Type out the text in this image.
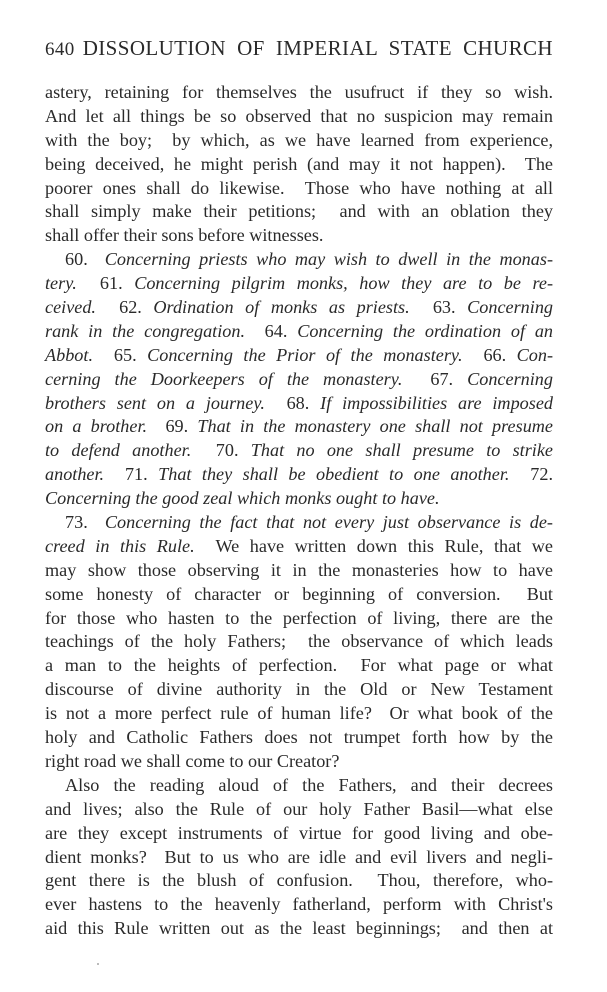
640 DISSOLUTION OF IMPERIAL STATE CHURCH
astery, retaining for themselves the usufruct if they so wish.
And let all things be so observed that no suspicion may remain
with the boy;  by which, as we have learned from experience,
being deceived, he might perish (and may it not happen).  The
poorer ones shall do likewise.  Those who have nothing at all
shall simply make their petitions;  and with an oblation they
shall offer their sons before witnesses.
60.  Concerning priests who may wish to dwell in the monas-
tery.  61. Concerning pilgrim monks, how they are to be re-
ceived.  62. Ordination of monks as priests.  63. Concerning
rank in the congregation.  64. Concerning the ordination of an
Abbot.  65. Concerning the Prior of the monastery.  66. Con-
cerning the Doorkeepers of the monastery.  67. Concerning
brothers sent on a journey.  68. If impossibilities are imposed
on a brother.  69. That in the monastery one shall not presume
to defend another.  70. That no one shall presume to strike
another.  71. That they shall be obedient to one another.  72.
Concerning the good zeal which monks ought to have.
73.  Concerning the fact that not every just observance is de-
creed in this Rule.  We have written down this Rule, that we
may show those observing it in the monasteries how to have
some honesty of character or beginning of conversion.  But
for those who hasten to the perfection of living, there are the
teachings of the holy Fathers;  the observance of which leads
a man to the heights of perfection.  For what page or what
discourse of divine authority in the Old or New Testament
is not a more perfect rule of human life?  Or what book of the
holy and Catholic Fathers does not trumpet forth how by the
right road we shall come to our Creator?
Also the reading aloud of the Fathers, and their decrees
and lives; also the Rule of our holy Father Basil—what else
are they except instruments of virtue for good living and obe-
dient monks?  But to us who are idle and evil livers and negli-
gent there is the blush of confusion.  Thou, therefore, who-
ever hastens to the heavenly fatherland, perform with Christ's
aid this Rule written out as the least beginnings;  and then at
